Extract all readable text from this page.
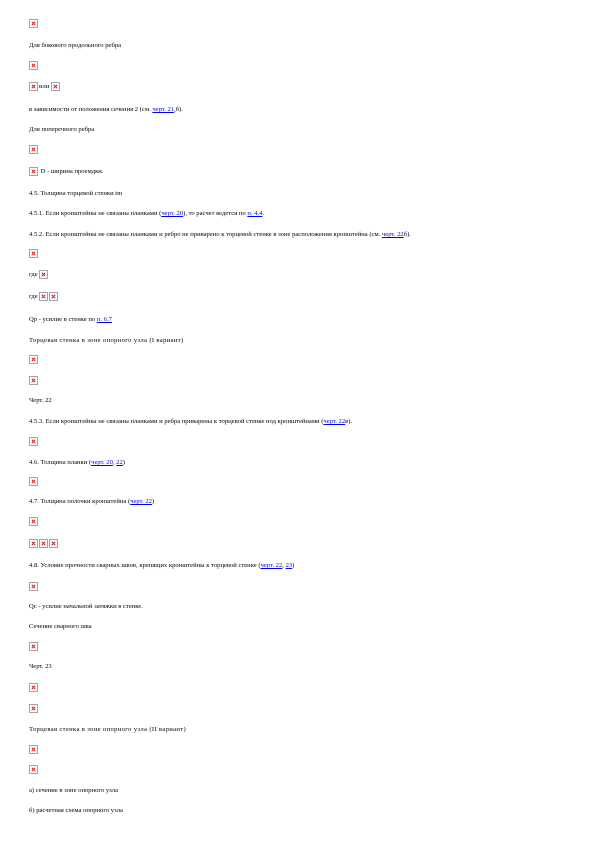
Для бокового продольного ребра
или
в зависимости от положения сечения 2 (см. черт. 21,б).
Для поперечного ребра
D - ширина проемдки.
4.5. Толщина торцевой стенки tm
4.5.1. Если кронштейны не связаны планками (черт. 20), то расчет ведется по п. 4.4.
4.5.2. Если кронштейны не связаны планками и ребро не приварено к торцевой стенке в зоне расположения кронштейна (см. черт. 22б).
где
где
Qp - усилие в стенке по п. 6.7
Торцевая стенка в зоне опорного узла (I вариант)
Черт. 22
4.5.3. Если кронштейны не связаны планками и ребра приварены к торцевой стенке под кронштейнами (черт. 22в).
4.6. Толщина планки (черт. 20, 22)
4.7. Толщина полочки кронштейна (черт. 22)
4.8. Условие прочности сварных швов, крепящих кронштейны к торцевой стенке (черт. 22, 23)
Qc - усилие начальной затяжки в стенке.
Сечение сварного шва
Черт. 23
Торцевая стенка в зоне опорного узла (II вариант)
а) сечение в зоне опорного узла
б) расчетная схема опорного узла
